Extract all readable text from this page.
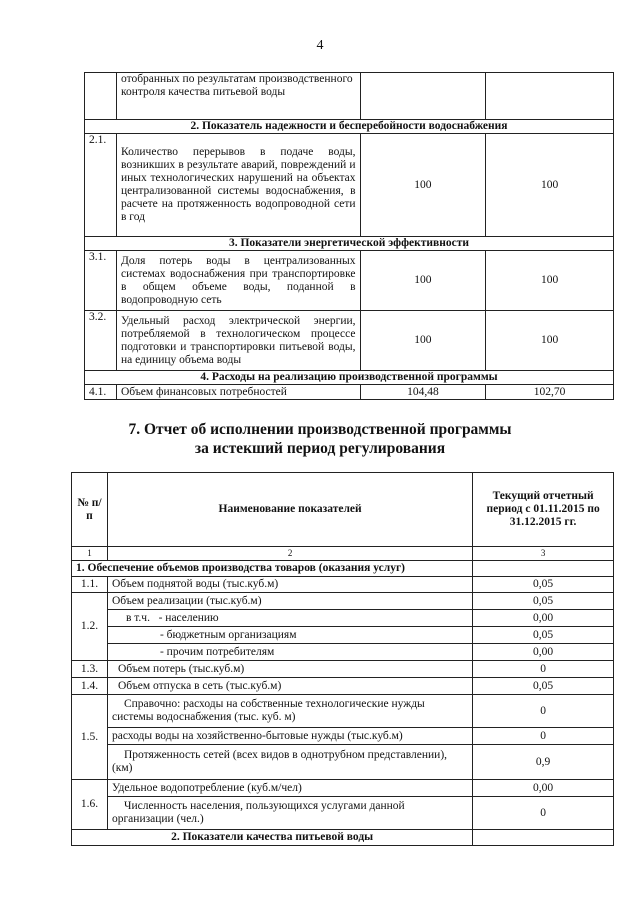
4
	отобранных по результатам производственного контроля качества питьевой воды		
2. Показатель надежности и бесперебойности водоснабжения			
2.1.	Количество перерывов в подаче воды, возникших в результате аварий, повреждений и иных технологических нарушений на объектах централизованной системы водоснабжения, в расчете на протяженность водопроводной сети в год	100	100
3. Показатели энергетической эффективности			
3.1.	Доля потерь воды в централизованных системах водоснабжения при транспортировке в общем объеме воды, поданной в водопроводную сеть	100	100
3.2.	Удельный расход электрической энергии, потребляемой в технологическом процессе подготовки и транспортировки питьевой воды, на единицу объема воды	100	100
4. Расходы на реализацию производственной программы			
4.1.	Объем финансовых потребностей	104,48	102,70
7. Отчет об исполнении производственной программы
за истекший период регулирования
№ п/п	Наименование показателей	Текущий отчетный период с 01.11.2015 по 31.12.2015 гг.
1	2	3
1. Обеспечение объемов производства товаров (оказания услуг)		
1.1.	Объем поднятой воды (тыс.куб.м)	0,05
1.2.	Объем реализации (тыс.куб.м)	0,05
	в т.ч. - населению	0,00
	- бюджетным организациям	0,05
	- прочим потребителям	0,00
1.3.	Объем потерь (тыс.куб.м)	0
1.4.	Объем отпуска в сеть (тыс.куб.м)	0,05
1.5.	Справочно: расходы на собственные технологические нужды системы водоснабжения (тыс. куб. м)	0
	расходы воды на хозяйственно-бытовые нужды (тыс.куб.м)	0
	Протяженность сетей (всех видов в однотрубном представлении), (км)	0,9
1.6.	Удельное водопотребление (куб.м/чел)	0,00
	Численность населения, пользующихся услугами данной организации (чел.)	0
2. Показатели качества питьевой воды		
